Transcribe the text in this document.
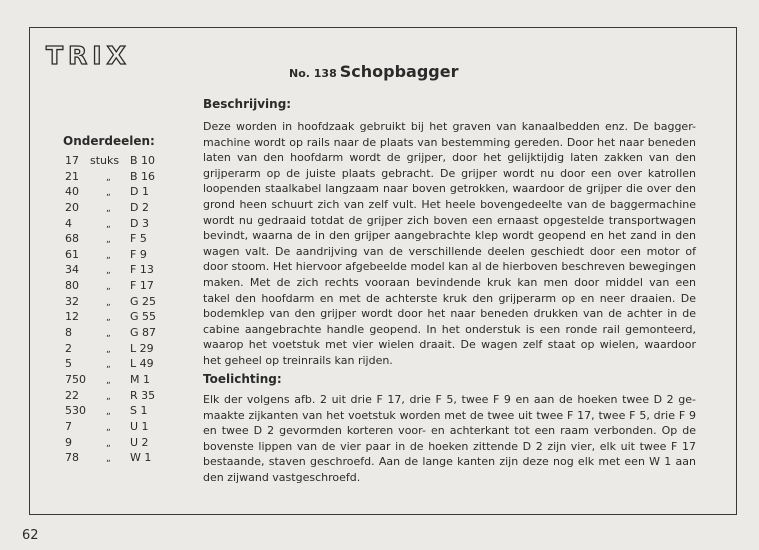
TRIX
No. 138 Schopbagger
Onderdeelen:
17	stuks B 10
21	„ B 16
40	„ D 1
20	„ D 2
4	„ D 3
68	„ F 5
61	„ F 9
34	„ F 13
80	„ F 17
32	„ G 25
12	„ G 55
8	„ G 87
2	„ L 29
5	„ L 49
750	„ M 1
22	„ R 35
530	„ S 1
7	„ U 1
9	„ U 2
78	„ W 1
Beschrijving:
Deze worden in hoofdzaak gebruikt bij het graven van kanaalbedden enz. De bagger-
machine wordt op rails naar de plaats van bestemming gereden. Door het naar beneden
laten van den hoofdarm wordt de grijper, door het gelijktijdig laten zakken van den
grijperarm op de juiste plaats gebracht. De grijper wordt nu door een over katrollen
loopenden staalkabel langzaam naar boven getrokken, waardoor de grijper die over den
grond heen schuurt zich van zelf vult. Het heele bovengedeelte van de baggermachine
wordt nu gedraaid totdat de grijper zich boven een ernaast opgestelde transportwagen
bevindt, waarna de in den grijper aangebrachte klep wordt geopend en het zand in den
wagen valt. De aandrijving van de verschillende deelen geschiedt door een motor of
door stoom. Het hiervoor afgebeelde model kan al de hierboven beschreven bewegingen
maken. Met de zich rechts vooraan bevindende kruk kan men door middel van een
takel den hoofdarm en met de achterste kruk den grijperarm op en neer draaien. De
bodemklep van den grijper wordt door het naar beneden drukken van de achter in de
cabine aangebrachte handle geopend. In het onderstuk is een ronde rail gemonteerd,
waarop het voetstuk met vier wielen draait. De wagen zelf staat op wielen, waardoor
het geheel op treinrails kan rijden.
Toelichting:
Elk der volgens afb. 2 uit drie F 17, drie F 5, twee F 9 en aan de hoeken twee D 2 ge-
maakte zijkanten van het voetstuk worden met de twee uit twee F 17, twee F 5, drie F 9
en twee D 2 gevormden korteren voor- en achterkant tot een raam verbonden. Op de
bovenste lippen van de vier paar in de hoeken zittende D 2 zijn vier, elk uit twee F 17
bestaande, staven geschroefd. Aan de lange kanten zijn deze nog elk met een W 1 aan
den zijwand vastgeschroefd.
62
